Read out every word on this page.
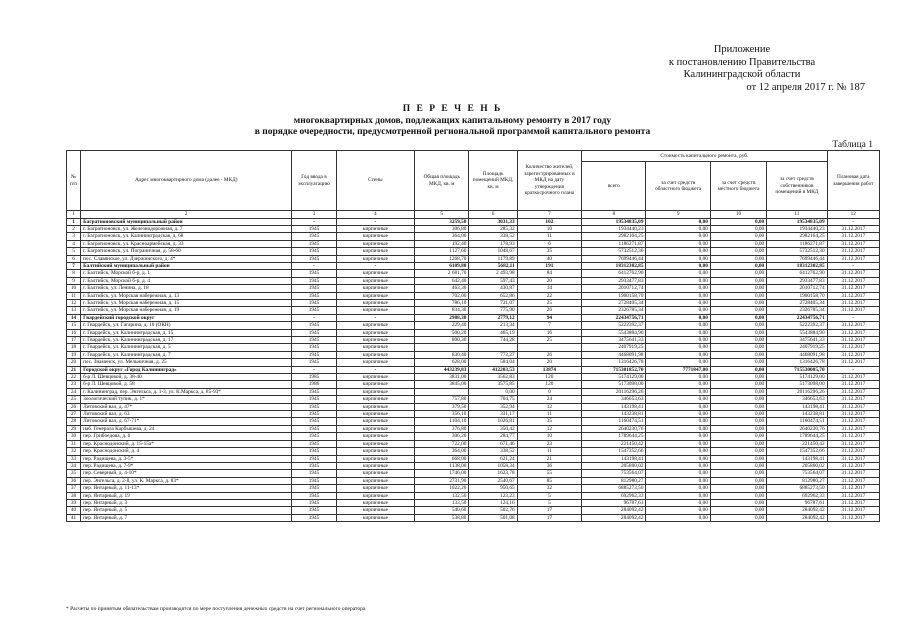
Приложение
к постановлению Правительства
Калининградской области
от 12 апреля 2017 г. № 187
П Е Р Е Ч Е Н Ь
многоквартирных домов, подлежащих капитальному ремонту в 2017 году
в порядке очередности, предусмотренной региональной программой капитального ремонта
Таблица 1
№ п/п	Адрес многоквартирного дома (далее - МКД)	Год ввода в эксплуатацию	Стены	Общая площадь МКД, кв. м	Площадь помещений МКД, кв. м	Количество жителей, зарегистрированных в МКД на дату утверждения краткосрочного плана	Стоимость капитального ремонта, руб.				Плановая дата завершения работ
							всего	за счет средств областного бюджета	за счет средств местного бюджета	за счет средств собственников помещений в МКД	
1	2	3	4	5	6	7	8	9	10	11	12
1	Багратионовский муниципальный район	-	-	3259,50	3031,33	102	19534835,09	0,00	0,00	19534835,09	-
2	г. Багратионовск, ул. Железнодорожная, д. 7	1945	кирпичные	306,80	285,32	10	1934440,23	0,00	0,00	1934440,23	31.12.2017
3	г. Багратионовск, ул. Калининградская, д. 68	1945	кирпичные	364,00	338,52	11	2982164,25	0,00	0,00	2982164,25	31.12.2017
4	г. Багратионовск, ул. Красноармейская, д. 33	1945	кирпичные	192,40	178,93	6	1186271,87	0,00	0,00	1186271,87	31.12.2017
5	г. Багратионовск, ул. Пограничная, д. 58-60	1945	кирпичные	1127,60	1048,67	35	5732512,30	0,00	0,00	5732512,30	31.12.2017
6	пос. Славянское, ул. Дзержинского, д. 4*	1945	кирпичные	1268,70	1179,89	40	7699446,44	0,00	0,00	7699446,44	31.12.2017
7	Балтийский муниципальный район	-	-	6109,80	5682,11	191	18312302,85	0,00	0,00	18312302,85	-
8	г. Балтийск, Морской б-р, д. 1	1945	кирпичные	2 681,70	2 493,98	84	6412762,90	0,00	0,00	6412762,90	31.12.2017
9	г. Балтийск, Морской б-р, д. 4	1945	кирпичные	642,40	597,43	20	2933477,83	0,00	0,00	2933477,83	31.12.2017
10	г. Балтийск, ул. Ленина, д. 18	1945	кирпичные	463,30	430,87	14	2010712,74	0,00	0,00	2010712,74	31.12.2017
11	г. Балтийск, ул. Морская набережная, д. 13	1945	кирпичные	702,00	652,86	22	1900158,70	0,00	0,00	1900158,70	31.12.2017
12	г. Балтийск, ул. Морская набережная, д. 15	1945	кирпичные	786,10	731,07	25	2728405,34	0,00	0,00	2728405,34	31.12.2017
13	г. Балтийск, ул. Морская набережная, д. 19	1945	кирпичные	834,30	775,90	26	2326785,34	0,00	0,00	2326785,34	31.12.2017
14	Гвардейский городской округ	-	-	2988,30	2779,12	94	22434756,71	0,00	0,00	22434756,71	-
15	г. Гвардейск, ул. Гагарина, д. 10 (ОКН)	1945	кирпичные	229,40	213,34	7	5222392,37	0,00	0,00	5222392,37	31.12.2017
16	г. Гвардейск, ул. Калининградская, д. 15	1945	кирпичные	500,20	465,19	16	5543884,90	0,00	0,00	5543884,90	31.12.2017
17	г. Гвардейск, ул. Калининградская, д. 17	1945	кирпичные	800,30	744,28	25	3475641,33	0,00	0,00	3475641,33	31.12.2017
18	г. Гвардейск, ул. Калининградская, д. 5	1945	кирпичные				2407919,25	0,00	0,00	2407919,25	31.12.2017
19	г. Гвардейск, ул. Калининградская, д. 7	1945	кирпичные	830,40	772,27	26	4468091,98	0,00	0,00	4468091,98	31.12.2017
20	пос. Знаменск, ул. Мельничная, д. 25	1945	кирпичные	628,00	584,04	20	1316426,78	0,00	0,00	1316426,78	31.12.2017
21	Городской округ «Город Калининград»	-	-	443239,83	412203,53	13874	715301852,70	7771847,00	0,00	715530005,70	-
22	б-р Л. Шевцовой, д. 38-40	1985	кирпичные	3831,00	3562,83	120	5174129,00	0,00	0,00	5174129,00	31.12.2017
23	б-р Л. Шевцовой, д. 58	1986	кирпичные	3845,00	3575,85	120	5173098,00	0,00	0,00	5173098,00	31.12.2017
24	г. Калининград, пер. Энгельса, д. 1-3, ул. К.Маркса, д. 85-93*	1945	кирпичные		0,00	0	20116296,26	0,00	0,00	20116296,26	31.12.2017
25	Зоологический тупик, д. 1*	1945	кирпичные	757,80	704,75	24	346653,63	0,00	0,00	346653,63	31.12.2017
26	Литовский вал, д. 47*	1945	кирпичные	379,50	352,94	12	143198,41	0,00	0,00	143198,41	31.12.2017
27	Литовский вал, д. 63	1945	кирпичные	356,10	331,17	11	143238,81	0,00	0,00	143238,81	31.12.2017
28	Литовский вал, д. 67-71*	1945	кирпичные	1104,10	1026,81	35	1160474,51	0,00	0,00	1160474,51	31.12.2017
29	наб. Генерала Карбышева, д. 24	1945	кирпичные	376,80	350,42	12	2640230,76	0,00	0,00	2640230,76	31.12.2017
30	пер. Грибоедова, д. 6	1945	кирпичные	306,20	284,77	10	1789644,25	0,00	0,00	1789644,25	31.12.2017
31	пер. Краснодонский, д. 15-15а*	1945	кирпичные	722,00	671,46	23	221450,42	0,00	0,00	221450,42	31.12.2017
32	пер. Краснодонский, д. 4	1945	кирпичные	364,00	338,52	11	1547352,66	0,00	0,00	1547352,66	31.12.2017
33	пер. Радищева, д. 3-5*	1945	кирпичные	668,00	621,24	21	143198,41	0,00	0,00	143198,41	31.12.2017
34	пер. Радищева, д. 7-9*	1945	кирпичные	1138,00	1058,34	36	205800,02	0,00	0,00	205800,02	31.12.2017
35	пер. Северный, д. 4-10*	1945	кирпичные	1746,00	1623,78	55	753564,07	0,00	0,00	753564,07	31.12.2017
36	пер. Энгельса, д. 2-8, ул. К. Маркса, д. 83*	1945	кирпичные	2731,90	2540,67	85	812980,27	0,00	0,00	812980,27	31.12.2017
37	пер. Янтарный, д. 11-13*	1945	кирпичные	1022,20	950,65	32	6885273,50	0,00	0,00	6885273,50	31.12.2017
38	пер. Янтарный, д. 19	1945	кирпичные	132,50	123,23	5	692962,33	0,00	0,00	692962,33	31.12.2017
39	пер. Янтарный, д. 3	1945	кирпичные	133,50	124,16	5	96787,61	0,00	0,00	96787,61	31.12.2017
40	пер. Янтарный, д. 5	1945	кирпичные	540,60	502,76	17	284092,42	0,00	0,00	284092,42	31.12.2017
41	пер. Янтарный, д. 7	1945	кирпичные	538,80	501,08	17	284092,42	0,00	0,00	284092,42	31.12.2017
* Расчеты по принятым обязательствам производятся по мере поступления денежных средств на счет регионального оператора
